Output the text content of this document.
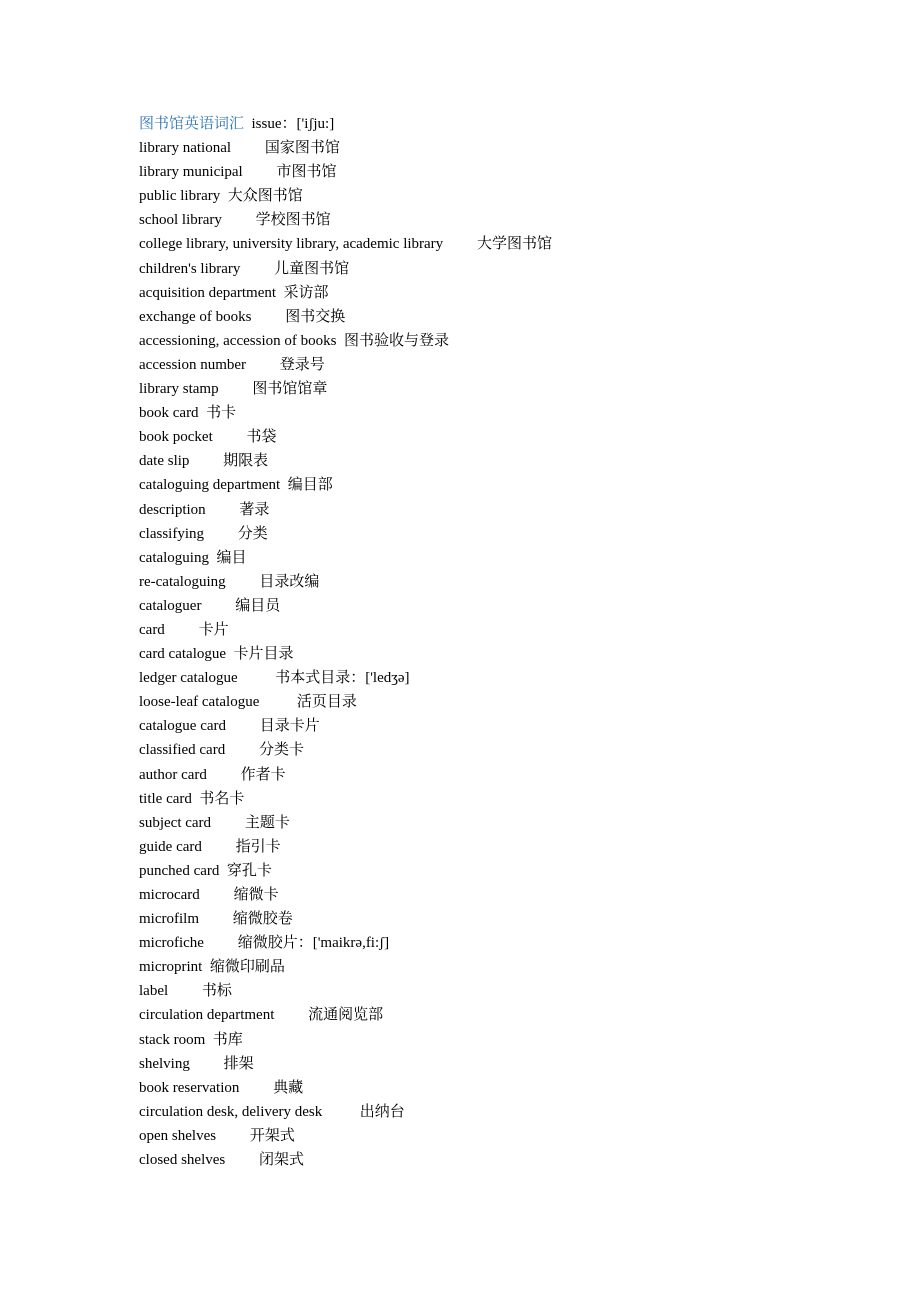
图书馆英语词汇  issue：['iʃju:]
library national 国家图书馆
library municipal 市图书馆
public library 大众图书馆
school library 学校图书馆
college library, university library, academic library 大学图书馆
children's library 儿童图书馆
acquisition department 采访部
exchange of books 图书交换
accessioning, accession of books 图书验收与登录
accession number 登录号
library stamp 图书馆馆章
book card 书卡
book pocket 书袋
date slip 期限表
cataloguing department 编目部
description 著录
classifying 分类
cataloguing 编目
re-cataloguing 目录改编
cataloguer 编目员
card 卡片
card catalogue 卡片目录
ledger catalogue	书本式目录：['ledʒə]
loose-leaf catalogue	活页目录
catalogue card 目录卡片
classified card 分类卡
author card 作者卡
title card 书名卡
subject card 主题卡
guide card 指引卡
punched card 穿孔卡
microcard 缩微卡
microfilm 缩微胶卷
microfiche 缩微胶片：['maikrə,fi:ʃ]
microprint 缩微印刷品
label 书标
circulation department 流通阅览部
stack room 书库
shelving 排架
book reservation 典藏
circulation desk, delivery desk	出纳台
open shelves 开架式
closed shelves 闭架式
